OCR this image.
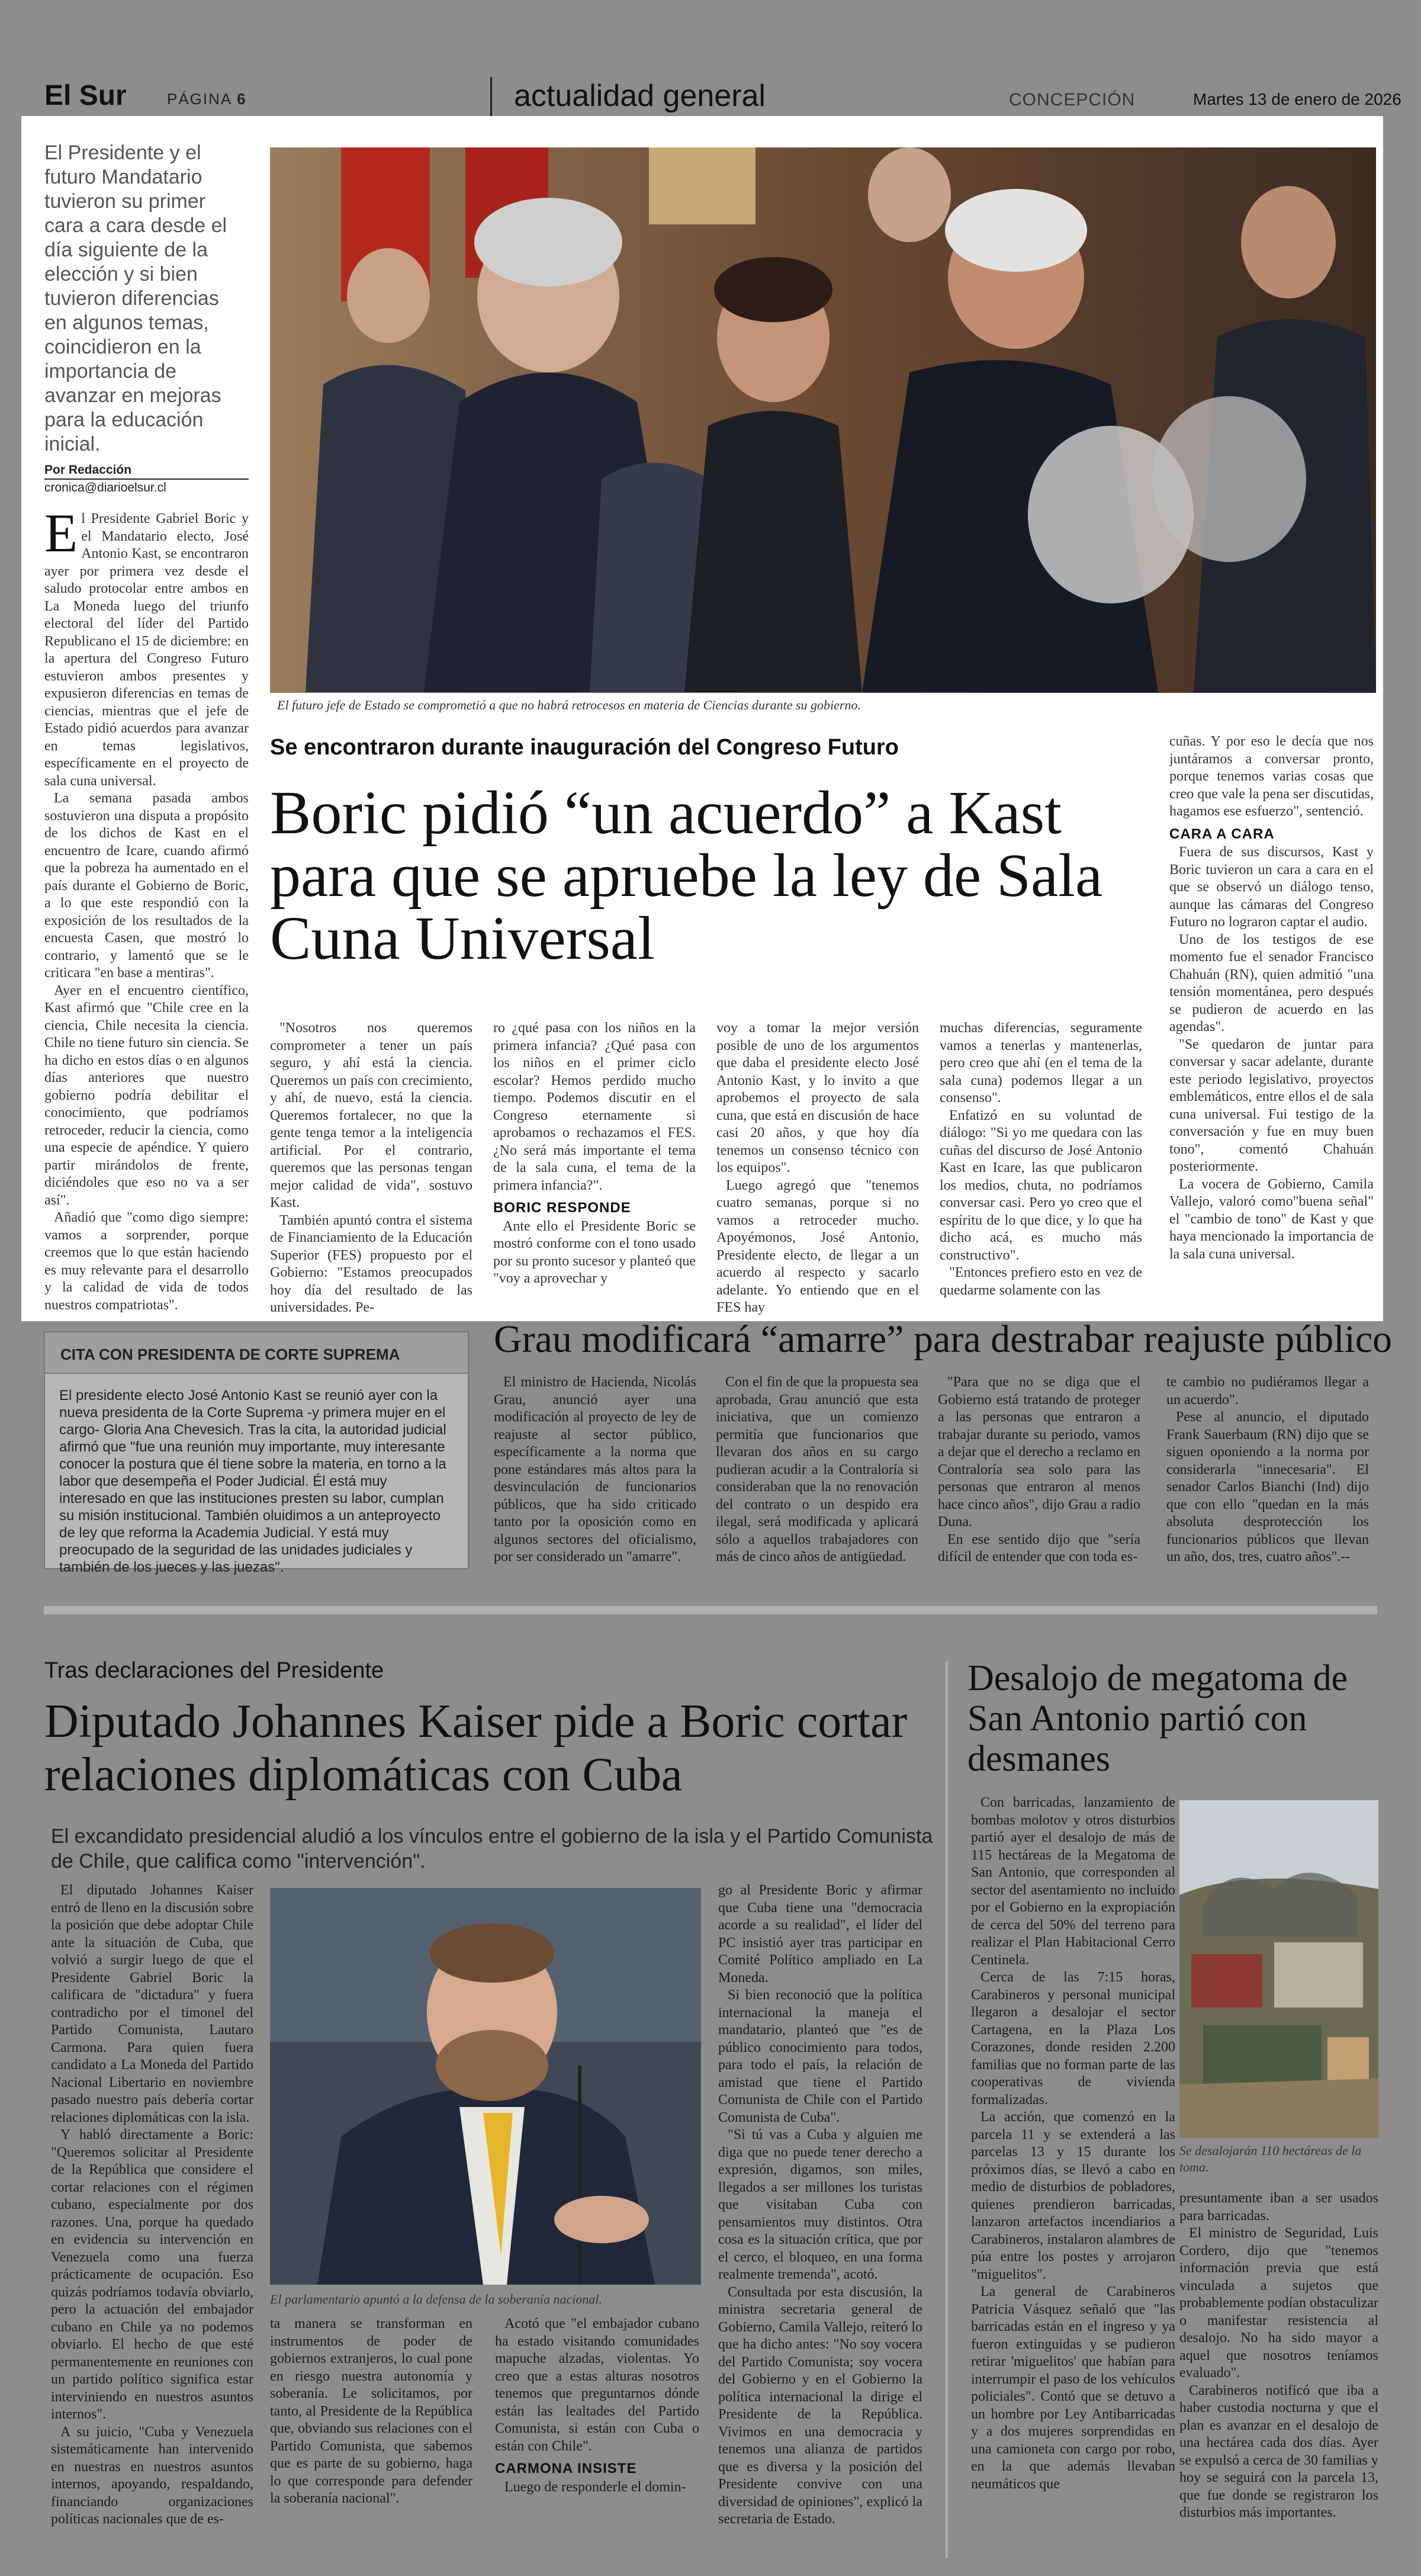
El Sur	PÁGINA 6	actualidad general	CONCEPCIÓN	Martes 13 de enero de 2026
El Presidente y el futuro Mandatario tuvieron su primer cara a cara desde el día siguiente de la elección y si bien tuvieron diferencias en algunos temas, coincidieron en la importancia de avanzar en mejoras para la educación inicial.
Por Redacción
cronica@diarioelsur.cl

El Presidente Gabriel Boric y el Mandatario electo, José Antonio Kast, se encontraron ayer por primera vez desde el saludo protocolar entre ambos en La Moneda luego del triunfo electoral del líder del Partido Republicano el 15 de diciembre: en la apertura del Congreso Futuro estuvieron ambos presentes y expusieron diferencias en temas de ciencias, mientras que el jefe de Estado pidió acuerdos para avanzar en temas legislativos, específicamente en el proyecto de sala cuna universal.

La semana pasada ambos sostuvieron una disputa a propósito de los dichos de Kast en el encuentro de Icare, cuando afirmó que la pobreza ha aumentado en el país durante el Gobierno de Boric, a lo que este respondió con la exposición de los resultados de la encuesta Casen, que mostró lo contrario, y lamentó que se le criticara "en base a mentiras".

Ayer en el encuentro científico, Kast afirmó que "Chile cree en la ciencia, Chile necesita la ciencia. Chile no tiene futuro sin ciencia. Se ha dicho en estos días o en algunos días anteriores que nuestro gobierno podría debilitar el conocimiento, que podríamos retroceder, reducir la ciencia, como una especie de apéndice. Y quiero partir mirándolos de frente, diciéndoles que eso no va a ser así".

Añadió que "como digo siempre: vamos a sorprender, porque creemos que lo que están haciendo es muy relevante para el desarrollo y la calidad de vida de todos nuestros compatriotas".

El futuro jefe de Estado se comprometió a que no habrá retrocesos en materia de Ciencias durante su gobierno.
Se encontraron durante inauguración del Congreso Futuro
Boric pidió “un acuerdo” a Kast para que se apruebe la ley de Sala Cuna Universal

"Nosotros nos queremos comprometer a tener un país seguro, y ahí está la ciencia. Queremos un país con crecimiento, y ahí, de nuevo, está la ciencia. Queremos fortalecer, no que la gente tenga temor a la inteligencia artificial. Por el contrario, queremos que las personas tengan mejor calidad de vida", sostuvo Kast.

También apuntó contra el sistema de Financiamiento de la Educación Superior (FES) propuesto por el Gobierno: "Estamos preocupados hoy día del resultado de las universidades. Pe-

ro ¿qué pasa con los niños en la primera infancia? ¿Qué pasa con los niños en el primer ciclo escolar? Hemos perdido mucho tiempo. Podemos discutir en el Congreso eternamente si aprobamos o rechazamos el FES. ¿No será más importante el tema de la sala cuna, el tema de la primera infancia?".

BORIC RESPONDE

Ante ello el Presidente Boric se mostró conforme con el tono usado por su pronto sucesor y planteó que "voy a aprovechar y

voy a tomar la mejor versión posible de uno de los argumentos que daba el presidente electo José Antonio Kast, y lo invito a que aprobemos el proyecto de sala cuna, que está en discusión de hace casi 20 años, y que hoy día tenemos un consenso técnico con los equipos".

Luego agregó que "tenemos cuatro semanas, porque si no vamos a retroceder mucho. Apoyémonos, José Antonio, Presidente electo, de llegar a un acuerdo al respecto y sacarlo adelante. Yo entiendo que en el FES hay

muchas diferencias, seguramente vamos a tenerlas y mantenerlas, pero creo que ahí (en el tema de la sala cuna) podemos llegar a un consenso".

Enfatizó en su voluntad de diálogo: "Si yo me quedara con las cuñas del discurso de José Antonio Kast en Icare, las que publicaron los medios, chuta, no podríamos conversar casi. Pero yo creo que el espíritu de lo que dice, y lo que ha dicho acá, es mucho más constructivo".

"Entonces prefiero esto en vez de quedarme solamente con las

cuñas. Y por eso le decía que nos juntáramos a conversar pronto, porque tenemos varias cosas que creo que vale la pena ser discutidas, hagamos ese esfuerzo", sentenció.

CARA A CARA

Fuera de sus discursos, Kast y Boric tuvieron un cara a cara en el que se observó un diálogo tenso, aunque las cámaras del Congreso Futuro no lograron captar el audio.

Uno de los testigos de ese momento fue el senador Francisco Chahuán (RN), quien admitió "una tensión momentánea, pero después se pudieron de acuerdo en las agendas".

"Se quedaron de juntar para conversar y sacar adelante, durante este periodo legislativo, proyectos emblemáticos, entre ellos el de sala cuna universal. Fui testigo de la conversación y fue en muy buen tono", comentó Chahuán posteriormente.

La vocera de Gobierno, Camila Vallejo, valoró como"buena señal" el "cambio de tono" de Kast y que haya mencionado la importancia de la sala cuna universal.

CITA CON PRESIDENTA DE CORTE SUPREMA
El presidente electo José Antonio Kast se reunió ayer con la nueva presidenta de la Corte Suprema -y primera mujer en el cargo- Gloria Ana Chevesich. Tras la cita, la autoridad judicial afirmó que "fue una reunión muy importante, muy interesante conocer la postura que él tiene sobre la materia, en torno a la labor que desempeña el Poder Judicial. Él está muy interesado en que las instituciones presten su labor, cumplan su misión institucional. También oluidimos a un anteproyecto de ley que reforma la Academia Judicial. Y está muy preocupado de la seguridad de las unidades judiciales y también de los jueces y las juezas".
Grau modificará “amarre” para destrabar reajuste público

El ministro de Hacienda, Nicolás Grau, anunció ayer una modificación al proyecto de ley de reajuste al sector público, específicamente a la norma que pone estándares más altos para la desvinculación de funcionarios públicos, que ha sido criticado tanto por la oposición como en algunos sectores del oficialismo, por ser considerado un "amarre".

Con el fin de que la propuesta sea aprobada, Grau anunció que esta iniciativa, que un comienzo permitía que funcionarios que llevaran dos años en su cargo pudieran acudir a la Contraloría si consideraban que la no renovación del contrato o un despido era ilegal, será modificada y aplicará sólo a aquellos trabajadores con más de cinco años de antigüedad.

"Para que no se diga que el Gobierno está tratando de proteger a las personas que entraron a trabajar durante su periodo, vamos a dejar que el derecho a reclamo en Contraloría sea solo para las personas que entraron al menos hace cinco años", dijo Grau a radio Duna.

En ese sentido dijo que "sería difícil de entender que con toda es-

te cambio no pudiéramos llegar a un acuerdo".

Pese al anuncio, el diputado Frank Sauerbaum (RN) dijo que se siguen oponiendo a la norma por considerarla "innecesaria". El senador Carlos Bianchi (Ind) dijo que con ello "quedan en la más absoluta desprotección los funcionarios públicos que llevan un año, dos, tres, cuatro años".--

Tras declaraciones del Presidente
Diputado Johannes Kaiser pide a Boric cortar relaciones diplomáticas con Cuba
El excandidato presidencial aludió a los vínculos entre el gobierno de la isla y el Partido Comunista de Chile, que califica como "intervención".

El diputado Johannes Kaiser entró de lleno en la discusión sobre la posición que debe adoptar Chile ante la situación de Cuba, que volvió a surgir luego de que el Presidente Gabriel Boric la calificara de "dictadura" y fuera contradicho por el timonel del Partido Comunista, Lautaro Carmona. Para quien fuera candidato a La Moneda del Partido Nacional Libertario en noviembre pasado nuestro país debería cortar relaciones diplomáticas con la isla.

Y habló directamente a Boric: "Queremos solicitar al Presidente de la República que considere el cortar relaciones con el régimen cubano, especialmente por dos razones. Una, porque ha quedado en evidencia su intervención en Venezuela como una fuerza prácticamente de ocupación. Eso quizás podríamos todavía obviarlo, pero la actuación del embajador cubano en Chile ya no podemos obviarlo. El hecho de que esté permanentemente en reuniones con un partido político significa estar interviniendo en nuestros asuntos internos".

A su juicio, "Cuba y Venezuela sistemáticamente han intervenido en nuestras en nuestros asuntos internos, apoyando, respaldando, financiando organizaciones políticas nacionales que de es-

El parlamentario apuntó a la defensa de la soberanía nacional.

ta manera se transforman en instrumentos de poder de gobiernos extranjeros, lo cual pone en riesgo nuestra autonomía y soberanía. Le solicitamos, por tanto, al Presidente de la República que, obviando sus relaciones con el Partido Comunista, que sabemos que es parte de su gobierno, haga lo que corresponde para defender la soberanía nacional".

Acotó que "el embajador cubano ha estado visitando comunidades mapuche alzadas, violentas. Yo creo que a estas alturas nosotros tenemos que preguntarnos dónde están las lealtades del Partido Comunista, si están con Cuba o están con Chile".

CARMONA INSISTE

Luego de responderle el domin-

go al Presidente Boric y afirmar que Cuba tiene una "democracia acorde a su realidad", el líder del PC insistió ayer tras participar en Comité Político ampliado en La Moneda.

Si bien reconoció que la política internacional la maneja el mandatario, planteó que "es de público conocimiento para todos, para todo el país, la relación de amistad que tiene el Partido Comunista de Chile con el Partido Comunista de Cuba".

"Si tú vas a Cuba y alguien me diga que no puede tener derecho a expresión, digamos, son miles, llegados a ser millones los turistas que visitaban Cuba con pensamientos muy distintos. Otra cosa es la situación crítica, que por el cerco, el bloqueo, en una forma realmente tremenda", acotó.

Consultada por esta discusión, la ministra secretaria general de Gobierno, Camila Vallejo, reiteró lo que ha dicho antes: "No soy vocera del Partido Comunista; soy vocera del Gobierno y en el Gobierno la política internacional la dirige el Presidente de la República. Vivimos en una democracia y tenemos una alianza de partidos que es diversa y la posición del Presidente convive con una diversidad de opiniones", explicó la secretaria de Estado.

Desalojo de megatoma de San Antonio partió con desmanes

Con barricadas, lanzamiento de bombas molotov y otros disturbios partió ayer el desalojo de más de 115 hectáreas de la Megatoma de San Antonio, que corresponden al sector del asentamiento no incluido por el Gobierno en la expropiación de cerca del 50% del terreno para realizar el Plan Habitacional Cerro Centinela.

Cerca de las 7:15 horas, Carabineros y personal municipal llegaron a desalojar el sector Cartagena, en la Plaza Los Corazones, donde residen 2.200 familias que no forman parte de las cooperativas de vivienda formalizadas.

La acción, que comenzó en la parcela 11 y se extenderá a las parcelas 13 y 15 durante los próximos días, se llevó a cabo en medio de disturbios de pobladores, quienes prendieron barricadas, lanzaron artefactos incendiarios a Carabineros, instalaron alambres de púa entre los postes y arrojaron "miguelitos".

La general de Carabineros Patricia Vásquez señaló que "las barricadas están en el ingreso y ya fueron extinguidas y se pudieron retirar 'miguelitos' que habían para interrumpir el paso de los vehículos policiales". Contó que se detuvo a un hombre por Ley Antibarricadas y a dos mujeres sorprendidas en una camioneta con cargo por robo, en la que además llevaban neumáticos que

Se desalojarán 110 hectáreas de la toma.

presuntamente iban a ser usados para barricadas.

El ministro de Seguridad, Luis Cordero, dijo que "tenemos información previa que está vinculada a sujetos que probablemente podían obstaculizar o manifestar resistencia al desalojo. No ha sido mayor a aquel que nosotros teníamos evaluado".

Carabineros notificó que iba a haber custodia nocturna y que el plan es avanzar en el desalojo de una hectárea cada dos días. Ayer se expulsó a cerca de 30 familias y hoy se seguirá con la parcela 13, que fue donde se registraron los disturbios más importantes.
